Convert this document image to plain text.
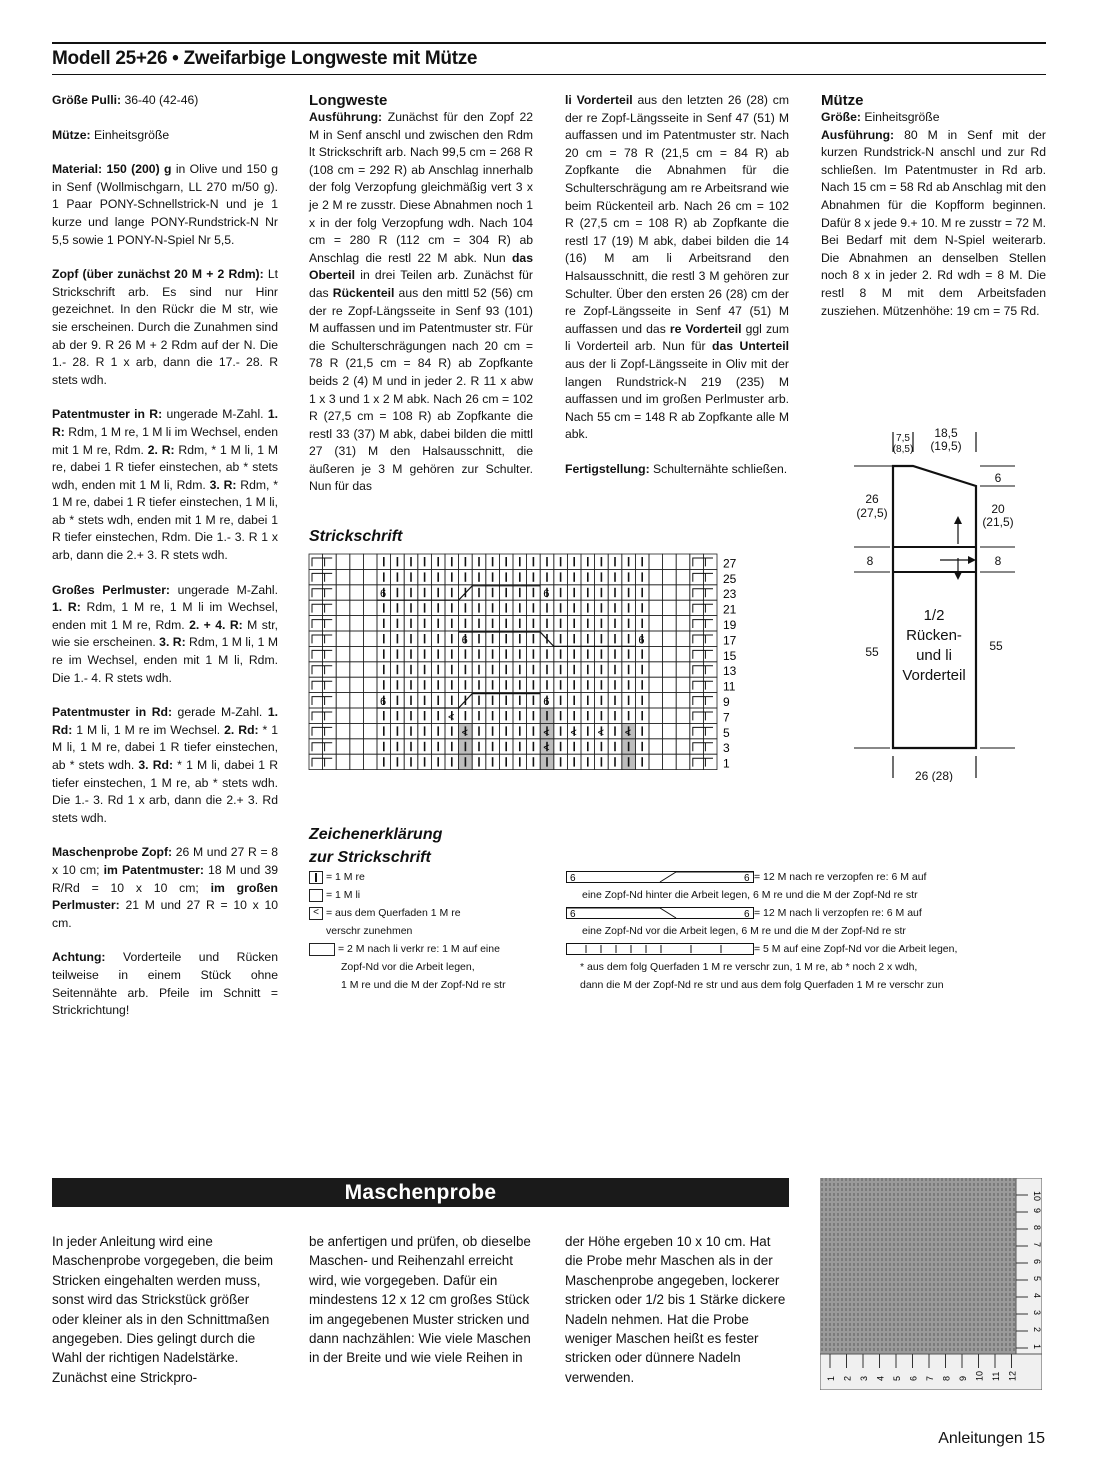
Modell 25+26 • Zweifarbige Longweste mit Mütze

Größe Pulli: 36-40 (42-46)

Mütze: Einheitsgröße

Material: 150 (200) g in Olive und 150 g in Senf (Wollmischgarn, LL 270 m/50 g). 1 Paar PONY-Schnellstrick-N und je 1 kurze und lange PONY-Rundstrick-N Nr 5,5 sowie 1 PONY-N-Spiel Nr 5,5.

Zopf (über zunächst 20 M + 2 Rdm): Lt Strickschrift arb. Es sind nur Hinr gezeichnet. In den Rückr die M str, wie sie erscheinen. Durch die Zunahmen sind ab der 9. R 26 M + 2 Rdm auf der N. Die 1.- 28. R 1 x arb, dann die 17.- 28. R stets wdh.

Patentmuster in R: ungerade M-Zahl. 1. R: Rdm, 1 M re, 1 M li im Wechsel, enden mit 1 M re, Rdm. 2. R: Rdm, * 1 M li, 1 M re, dabei 1 R tiefer einstechen, ab * stets wdh, enden mit 1 M li, Rdm. 3. R: Rdm, * 1 M re, dabei 1 R tiefer einstechen, 1 M li, ab * stets wdh, enden mit 1 M re, dabei 1 R tiefer einstechen, Rdm. Die 1.- 3. R 1 x arb, dann die 2.+ 3. R stets wdh.

Großes Perlmuster: ungerade M-Zahl. 1. R: Rdm, 1 M re, 1 M li im Wechsel, enden mit 1 M re, Rdm. 2. + 4. R: M str, wie sie erscheinen. 3. R: Rdm, 1 M li, 1 M re im Wechsel, enden mit 1 M li, Rdm. Die 1.- 4. R stets wdh.

Patentmuster in Rd: gerade M-Zahl. 1. Rd: 1 M li, 1 M re im Wechsel. 2. Rd: * 1 M li, 1 M re, dabei 1 R tiefer einstechen, ab * stets wdh. 3. Rd: * 1 M li, dabei 1 R tiefer einstechen, 1 M re, ab * stets wdh. Die 1.- 3. Rd 1 x arb, dann die 2.+ 3. Rd stets wdh.

Maschenprobe Zopf: 26 M und 27 R = 8 x 10 cm; im Patentmuster: 18 M und 39 R/Rd = 10 x 10 cm; im großen Perlmuster: 21 M und 27 R = 10 x 10 cm.

Achtung: Vorderteile und Rücken teilweise in einem Stück ohne Seitennähte arb. Pfeile im Schnitt = Strickrichtung!

Longweste

Ausführung: Zunächst für den Zopf 22 M in Senf anschl und zwischen den Rdm lt Strickschrift arb. Nach 99,5 cm = 268 R (108 cm = 292 R) ab Anschlag innerhalb der folg Verzopfung gleichmäßig vert 3 x je 2 M re zusstr. Diese Abnahmen noch 1 x in der folg Verzopfung wdh. Nach 104 cm = 280 R (112 cm = 304 R) ab Anschlag die restl 22 M abk. Nun das Oberteil in drei Teilen arb. Zunächst für das Rückenteil aus den mittl 52 (56) cm der re Zopf-Längsseite in Senf 93 (101) M auffassen und im Patentmuster str. Für die Schulterschrägungen nach 20 cm = 78 R (21,5 cm = 84 R) ab Zopfkante beids 2 (4) M und in jeder 2. R 11 x abw 1 x 3 und 1 x 2 M abk. Nach 26 cm = 102 R (27,5 cm = 108 R) ab Zopfkante die restl 33 (37) M abk, dabei bilden die mittl 27 (31) M den Halsausschnitt, die äußeren je 3 M gehören zur Schulter. Nun für das

li Vorderteil aus den letzten 26 (28) cm der re Zopf-Längsseite in Senf 47 (51) M auffassen und im Patentmuster str. Nach 20 cm = 78 R (21,5 cm = 84 R) ab Zopfkante die Abnahmen für die Schulterschrägung am re Arbeitsrand wie beim Rückenteil arb. Nach 26 cm = 102 R (27,5 cm = 108 R) ab Zopfkante die restl 17 (19) M abk, dabei bilden die 14 (16) M am li Arbeitsrand den Halsausschnitt, die restl 3 M gehören zur Schulter. Über den ersten 26 (28) cm der re Zopf-Längsseite in Senf 47 (51) M auffassen und das re Vorderteil ggl zum li Vorderteil arb. Nun für das Unterteil aus der li Zopf-Längsseite in Oliv mit der langen Rundstrick-N 219 (235) M auffassen und im großen Perlmuster arb. Nach 55 cm = 148 R ab Zopfkante alle M abk.

Fertigstellung: Schulternähte schließen.

Mütze
Größe: Einheitsgröße
Ausführung: 80 M in Senf mit der kurzen Rundstrick-N anschl und zur Rd schließen. Im Patentmuster in Rd arb. Nach 15 cm = 58 Rd ab Anschlag mit den Abnahmen für die Kopfform beginnen. Dafür 8 x jede 9.+ 10. M re zusstr = 72 M. Bei Bedarf mit dem N-Spiel weiterarb. Die Abnahmen an denselben Stellen noch 8 x in jeder 2. Rd wdh = 8 M. Die restl 8 M mit dem Arbeitsfaden zusziehen. Mützenhöhe: 19 cm = 75 Rd.
7,5
(8,5)
18,5
(19,5)
6
20
(21,5)
26
(27,5)
8	8
55	55
1/2
Rücken-
und li
Vorderteil
26 (28)
Strickschrift
6	6
6	6
6	6
<
<	< < < <
<
27
25
23
21
19
17
15
13
11
9
7
5
3
1
Zeichenerklärung
zur Strickschrift
= 1 M re
= 1 M li
< = aus dem Querfaden 1 M re
verschr zunehmen
= 2 M nach li verkr re: 1 M auf eine
Zopf-Nd vor die Arbeit legen,
1 M re und die M der Zopf-Nd re str
6	6 = 12 M nach re verzopfen re: 6 M auf
eine Zopf-Nd hinter die Arbeit legen, 6 M re und die M der Zopf-Nd re str
6	6 = 12 M nach li verzopfen re: 6 M auf
eine Zopf-Nd vor die Arbeit legen, 6 M re und die M der Zopf-Nd re str
= 5 M auf eine Zopf-Nd vor die Arbeit legen,
* aus dem folg Querfaden 1 M re verschr zun, 1 M re, ab * noch 2 x wdh,
dann die M der Zopf-Nd re str und aus dem folg Querfaden 1 M re verschr zun
Maschenprobe
In jeder Anleitung wird eine Maschenprobe vorgegeben, die beim Stricken eingehalten werden muss, sonst wird das Strickstück größer oder kleiner als in den Schnittmaßen angegeben. Dies gelingt durch die Wahl der richtigen Nadelstärke. Zunächst eine Strickpro-
be anfertigen und prüfen, ob dieselbe Maschen- und Reihenzahl erreicht wird, wie vorgegeben. Dafür ein mindestens 12 x 12 cm großes Stück im angegebenen Muster stricken und dann nachzählen: Wie viele Maschen in der Breite und wie viele Reihen in
der Höhe ergeben 10 x 10 cm. Hat die Probe mehr Maschen als in der Maschenprobe angegeben, lockerer stricken oder 1/2 bis 1 Stärke dickere Nadeln nehmen. Hat die Probe weniger Maschen heißt es fester stricken oder dünnere Nadeln verwenden.	1 2 3 4 5 6 7 8 9 10 11 12
1
2
3
4
5
6
7
8
9
10
Anleitungen 15
